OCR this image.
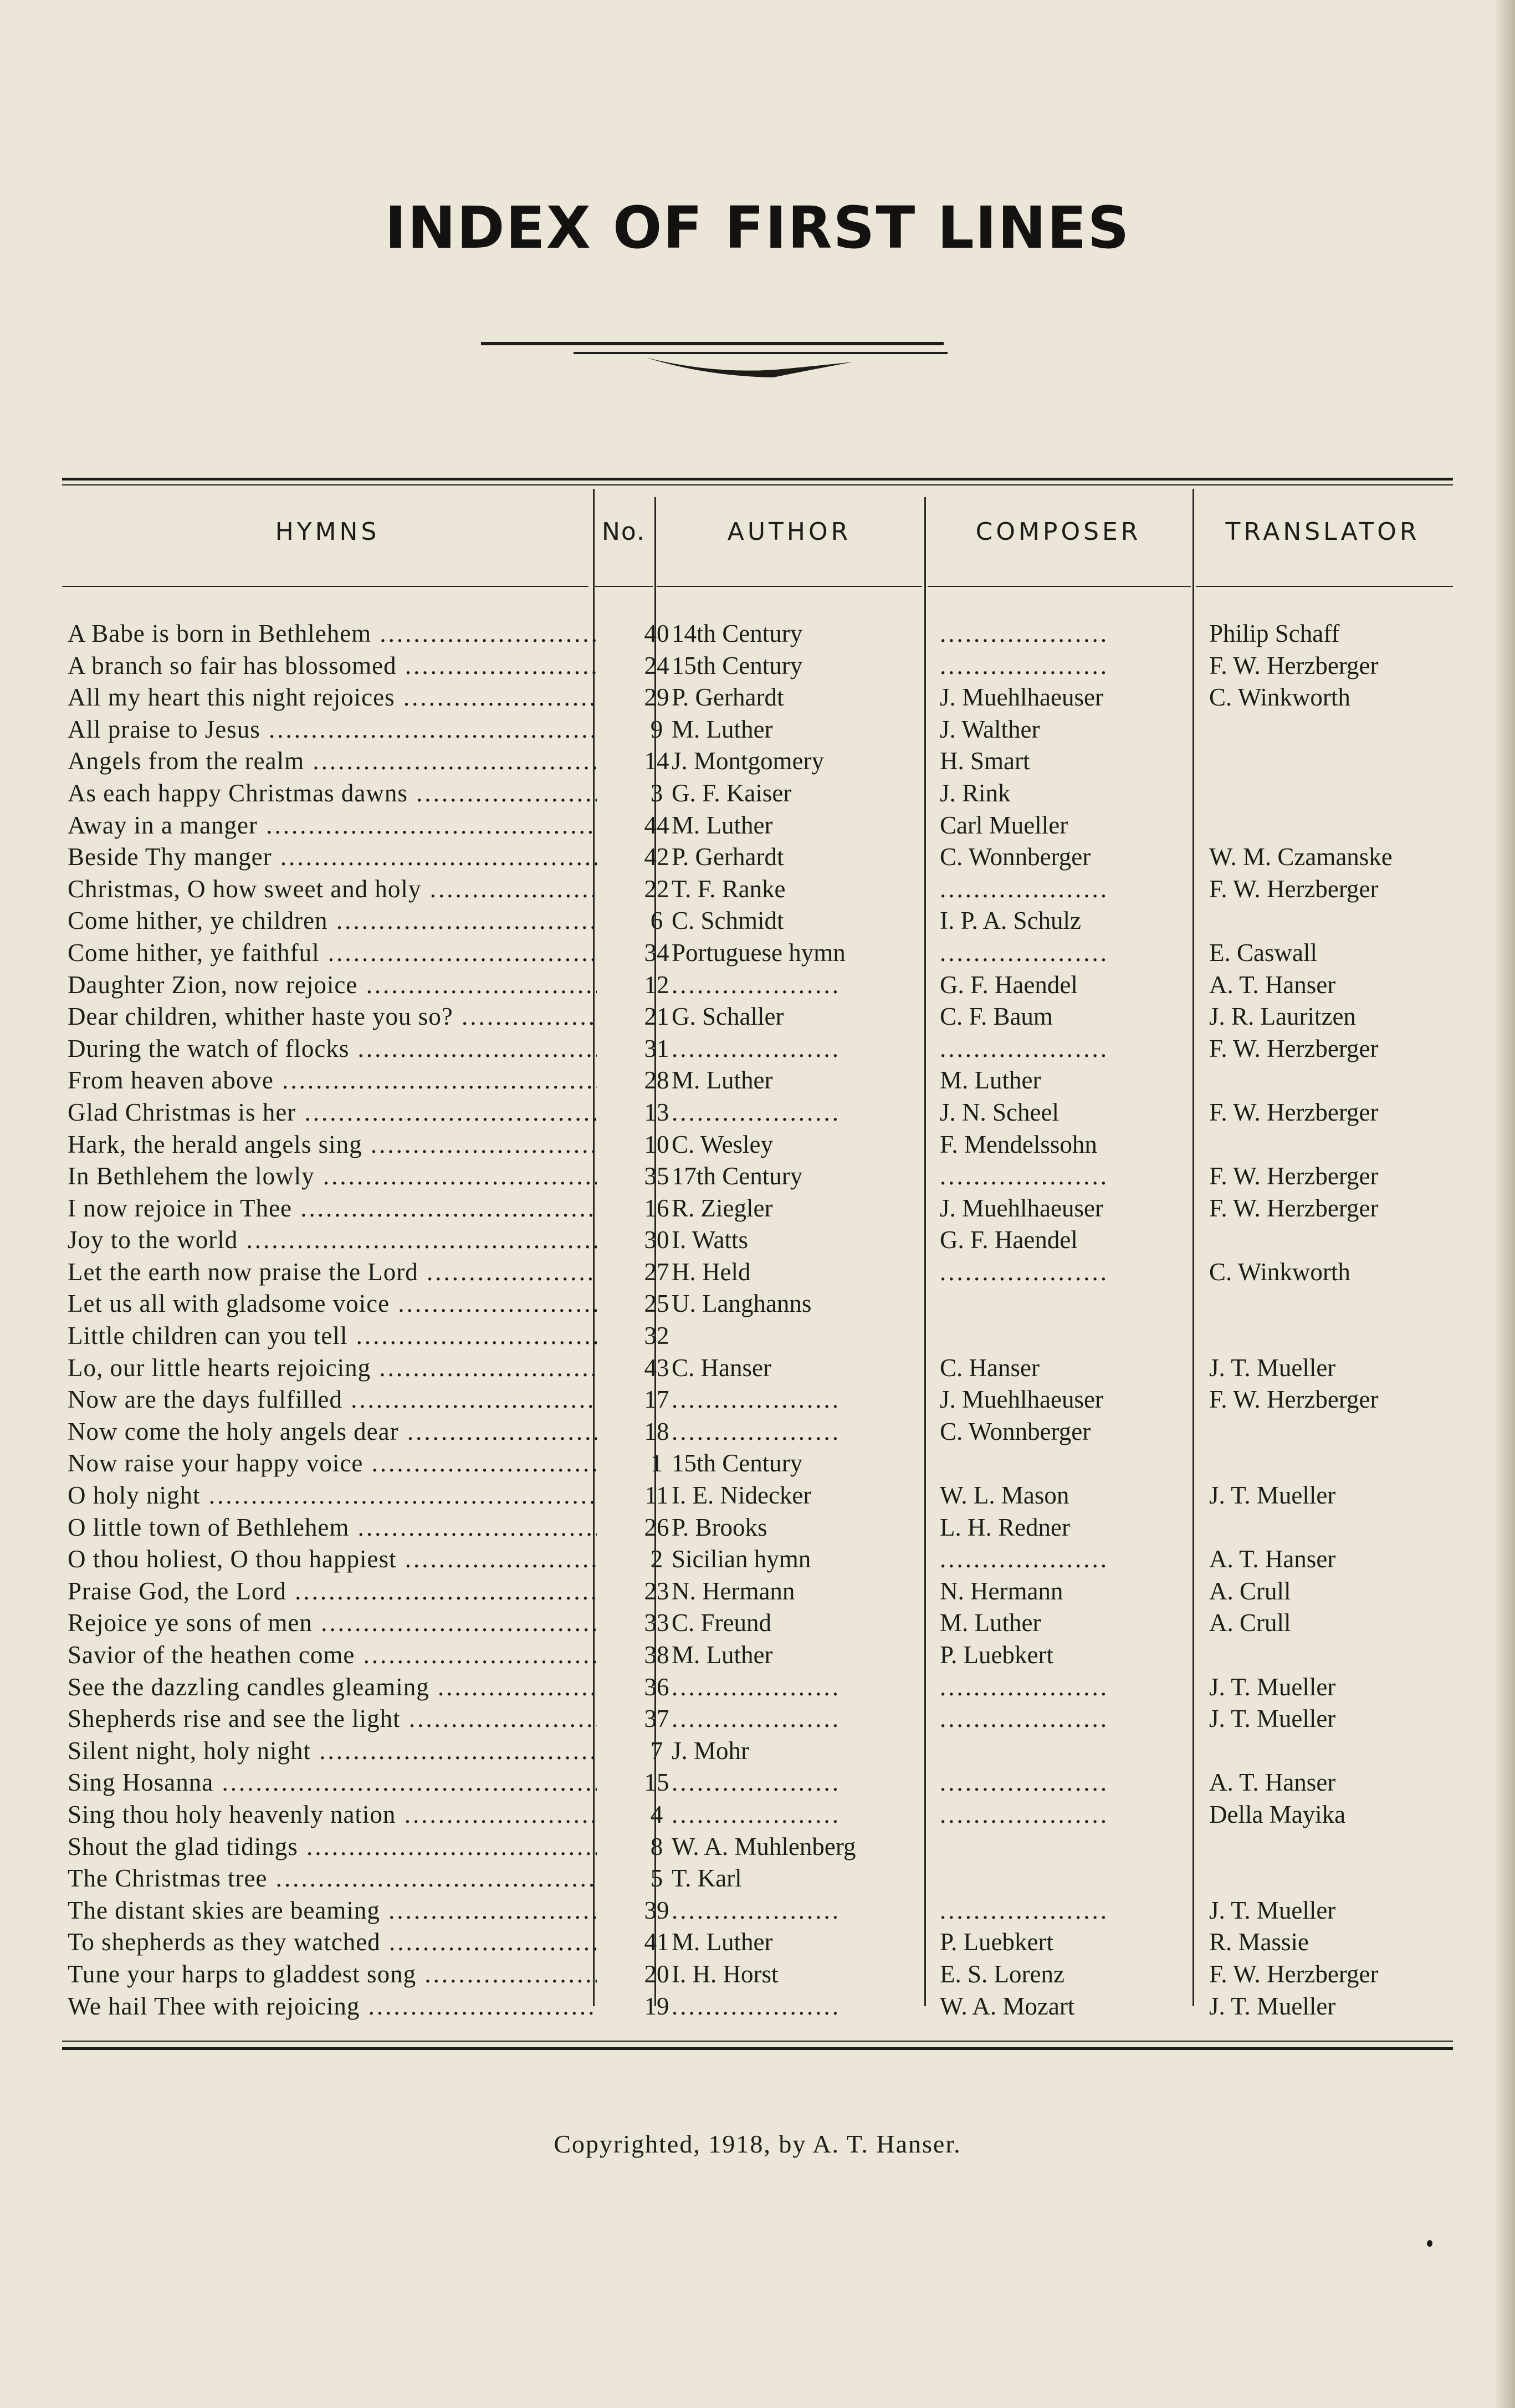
INDEX OF FIRST LINES
HYMNS	No.	AUTHOR	COMPOSER	TRANSLATOR
A Babe is born in Bethlehem .....	40 14th Century	....................	Philip Schaff
A branch so fair has blossomed .....	24 15th Century	....................	F. W. Herzberger
All my heart this night rejoices .....	29 P. Gerhardt	J. Muehlhaeuser	C. Winkworth
All praise to Jesus .....	9 M. Luther	J. Walther
Angels from the realm .....	14 J. Montgomery	H. Smart
As each happy Christmas dawns .....	3 G. F. Kaiser	J. Rink
Away in a manger .....	44 M. Luther	Carl Mueller
Beside Thy manger .....	42 P. Gerhardt	C. Wonnberger	W. M. Czamanske
Christmas, O how sweet and holy .....	22 T. F. Ranke	....................	F. W. Herzberger
Come hither, ye children .....	6 C. Schmidt	I. P. A. Schulz
Come hither, ye faithful .....	34 Portuguese hymn	....................	E. Caswall
Daughter Zion, now rejoice .....	12 ....................	G. F. Haendel	A. T. Hanser
Dear children, whither haste you so? .....	21 G. Schaller	C. F. Baum	J. R. Lauritzen
During the watch of flocks .....	31 ....................	....................	F. W. Herzberger
From heaven above .....	28 M. Luther	M. Luther
Glad Christmas is her .....	13 ....................	J. N. Scheel	F. W. Herzberger
Hark, the herald angels sing .....	10 C. Wesley	F. Mendelssohn
In Bethlehem the lowly .....	35 17th Century	....................	F. W. Herzberger
I now rejoice in Thee .....	16 R. Ziegler	J. Muehlhaeuser	F. W. Herzberger
Joy to the world .....	30 I. Watts	G. F. Haendel
Let the earth now praise the Lord .....	27 H. Held	....................	C. Winkworth
Let us all with gladsome voice .....	25 U. Langhanns
Little children can you tell .....	32
Lo, our little hearts rejoicing .....	43 C. Hanser	C. Hanser	J. T. Mueller
Now are the days fulfilled .....	17 ....................	J. Muehlhaeuser	F. W. Herzberger
Now come the holy angels dear .....	18 ....................	C. Wonnberger
Now raise your happy voice .....	1 15th Century
O holy night .....	11 I. E. Nidecker	W. L. Mason	J. T. Mueller
O little town of Bethlehem .....	26 P. Brooks	L. H. Redner
O thou holiest, O thou happiest .....	2 Sicilian hymn	....................	A. T. Hanser
Praise God, the Lord .....	23 N. Hermann	N. Hermann	A. Crull
Rejoice ye sons of men .....	33 C. Freund	M. Luther	A. Crull
Savior of the heathen come .....	38 M. Luther	P. Luebkert
See the dazzling candles gleaming .....	36 ....................	....................	J. T. Mueller
Shepherds rise and see the light .....	37 ....................	....................	J. T. Mueller
Silent night, holy night .....	7 J. Mohr
Sing Hosanna .....	15 ....................	....................	A. T. Hanser
Sing thou holy heavenly nation .....	4 ....................	....................	Della Mayika
Shout the glad tidings .....	8 W. A. Muhlenberg
The Christmas tree .....	5 T. Karl
The distant skies are beaming .....	39 ....................	....................	J. T. Mueller
To shepherds as they watched .....	41 M. Luther	P. Luebkert	R. Massie
Tune your harps to gladdest song .....	20 I. H. Horst	E. S. Lorenz	F. W. Herzberger
We hail Thee with rejoicing .....	19 ....................	W. A. Mozart	J. T. Mueller
Copyrighted, 1918, by A. T. Hanser.
